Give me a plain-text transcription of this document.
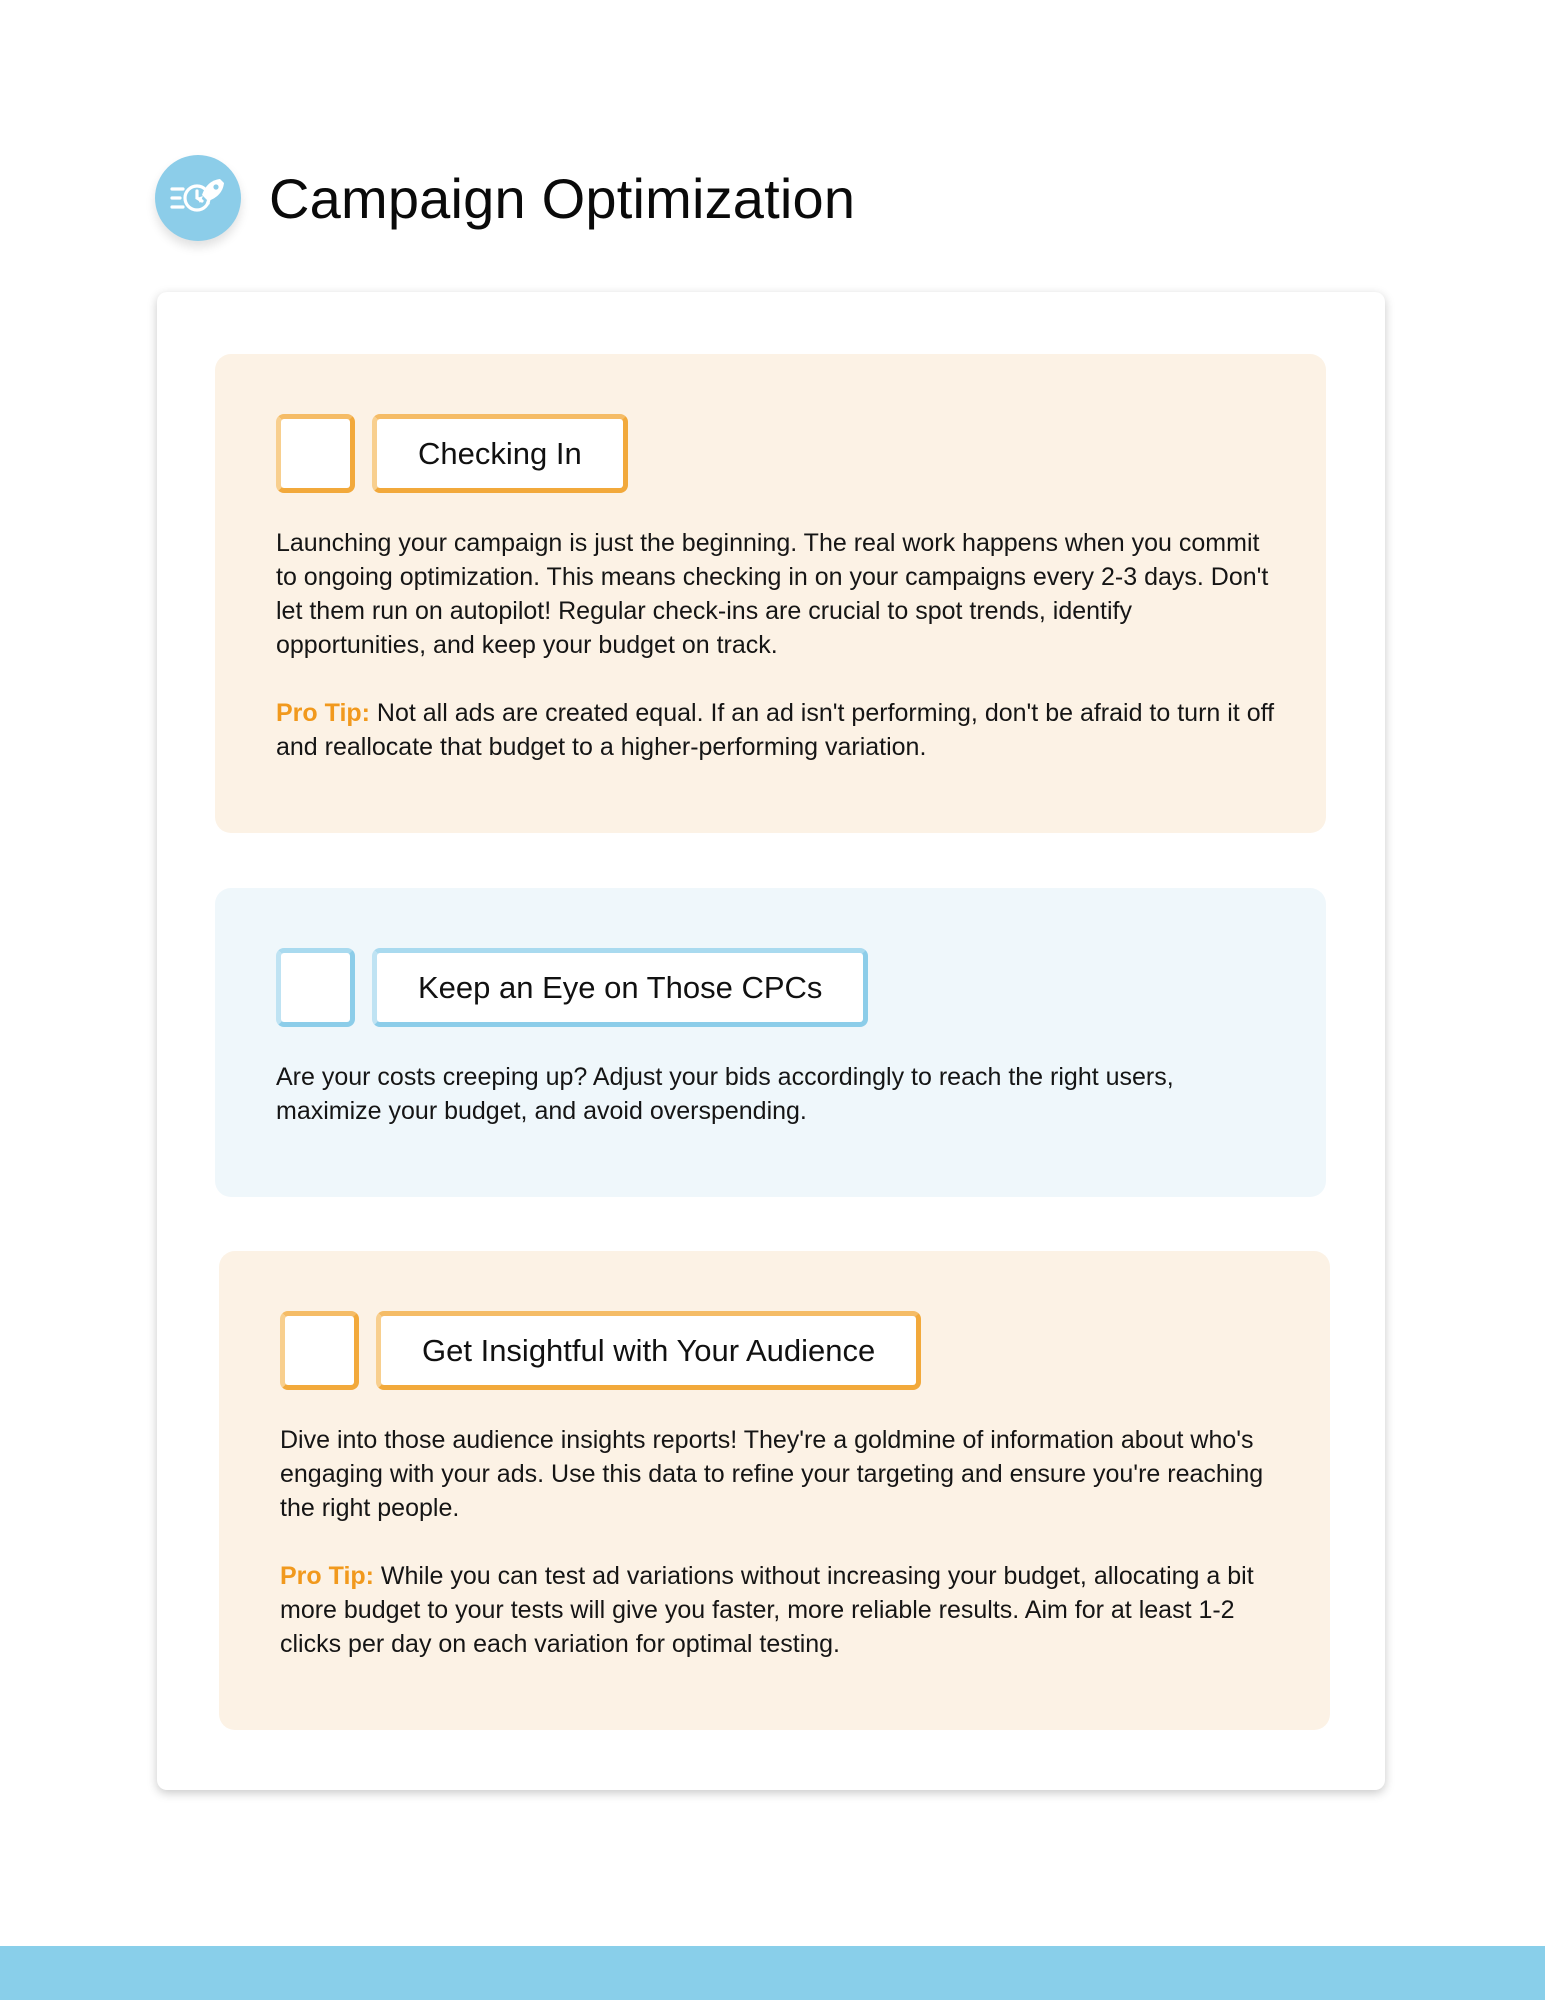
Campaign Optimization
Checking In

Launching your campaign is just the beginning. The real work happens when you commit to ongoing optimization. This means checking in on your campaigns every 2-3 days. Don't let them run on autopilot! Regular check-ins are crucial to spot trends, identify opportunities, and keep your budget on track.

Pro Tip: Not all ads are created equal. If an ad isn't performing, don't be afraid to turn it off and reallocate that budget to a higher-performing variation.

Keep an Eye on Those CPCs

Are your costs creeping up? Adjust your bids accordingly to reach the right users, maximize your budget, and avoid overspending.

Get Insightful with Your Audience

Dive into those audience insights reports! They're a goldmine of information about who's engaging with your ads. Use this data to refine your targeting and ensure you're reaching the right people.

Pro Tip: While you can test ad variations without increasing your budget, allocating a bit more budget to your tests will give you faster, more reliable results. Aim for at least 1-2 clicks per day on each variation for optimal testing.
